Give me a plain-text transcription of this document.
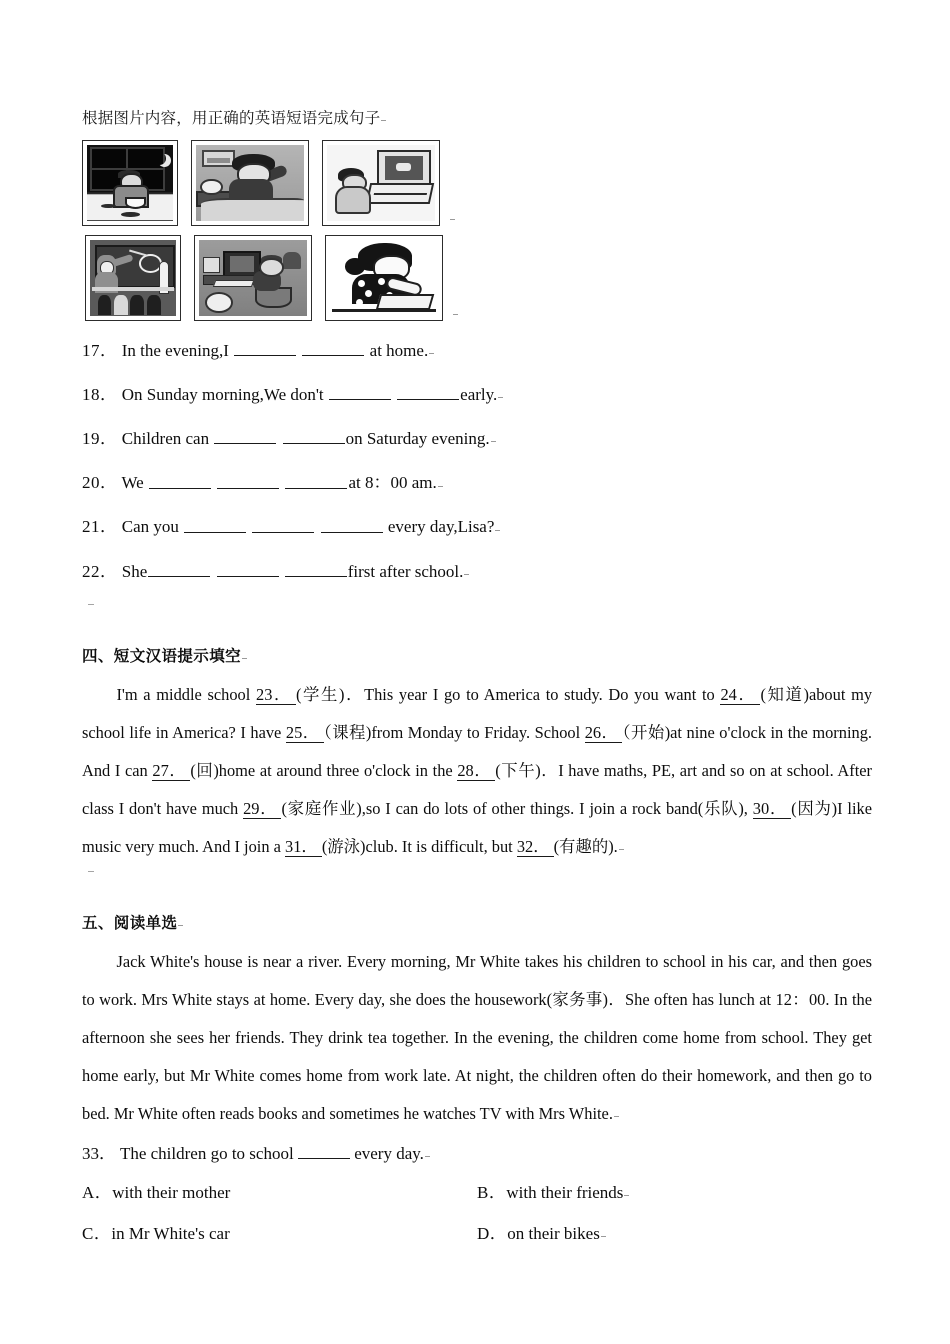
根据图片内容，用正确的英语短语完成句子

17． In the evening,I	at home.
18． On Sunday morning,We don't	early.
19． Children can	on Saturday evening.
20． We	at 8：00 am.
21． Can you	every day,Lisa?
22． She	first after school.
四、短文汉语提示填空

I'm a middle school 23． (学生)．This year I go to America to study. Do you want to 24． (知道)about my school life in America? I have 25． （课程)from Monday to Friday. School 26． （开始)at nine o'clock in the morning. And I can 27． (回)home at around three o'clock in the 28． (下午)．I have maths, PE, art and so on at school. After class I don't have much 29． (家庭作业),so I can do lots of other things. I join a rock band(乐队), 30． (因为)I like music very much. And I join a 31． (游泳)club. It is difficult, but 32． (有趣的).

五、阅读单选

Jack White's house is near a river. Every morning, Mr White takes his children to school in his car, and then goes to work. Mrs White stays at home. Every day, she does the housework(家务事)．She often has lunch at 12：00. In the afternoon she sees her friends. They drink tea together. In the evening, the children come home from school. They get home early, but Mr White comes home from work late. At night, the children often do their homework, and then go to bed. Mr White often reads books and sometimes he watches TV with Mrs White.

33． The children go to school	every day.
A．with their mother	B．with their friends
C．in Mr White's car	D．on their bikes
